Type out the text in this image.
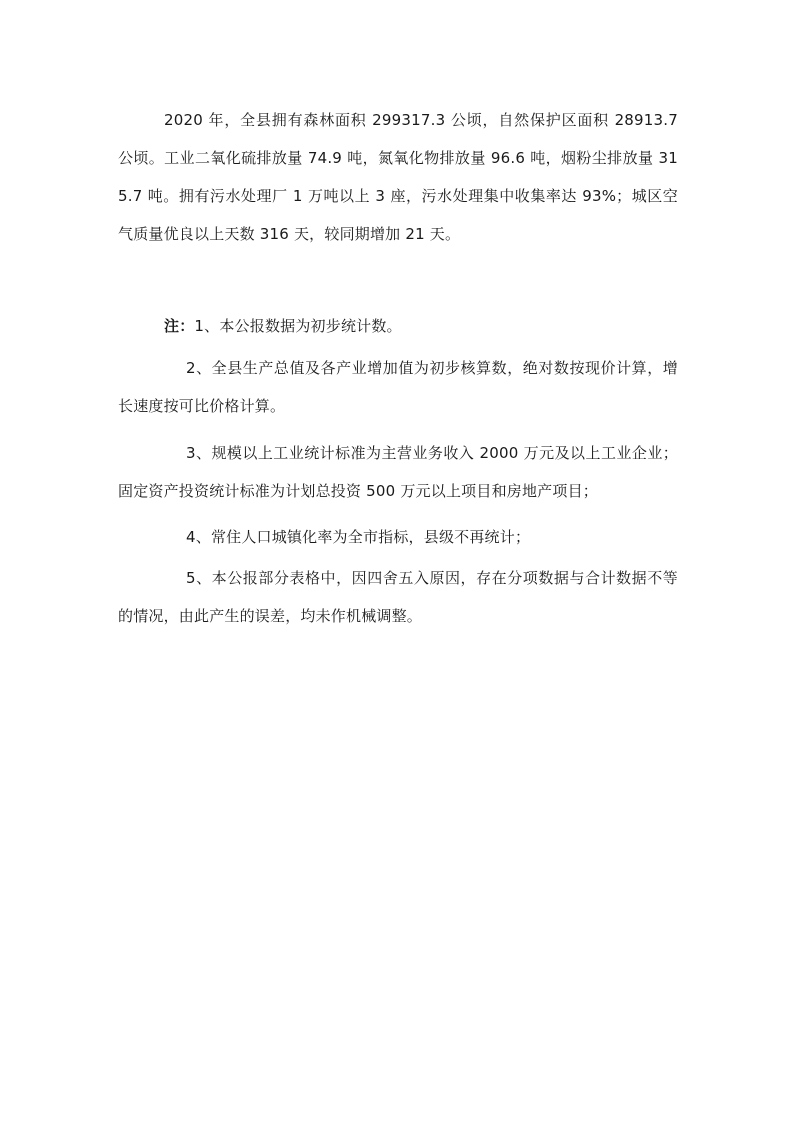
2020 年，全县拥有森林面积 299317.3 公顷，自然保护区面积 28913.7 公顷。工业二氧化硫排放量 74.9 吨，氮氧化物排放量 96.6 吨，烟粉尘排放量 315.7 吨。拥有污水处理厂 1 万吨以上 3 座，污水处理集中收集率达 93%；城区空气质量优良以上天数 316 天，较同期增加 21 天。

注：1、本公报数据为初步统计数。

2、全县生产总值及各产业增加值为初步核算数，绝对数按现价计算，增长速度按可比价格计算。

3、规模以上工业统计标准为主营业务收入 2000 万元及以上工业企业；固定资产投资统计标准为计划总投资 500 万元以上项目和房地产项目；

4、常住人口城镇化率为全市指标，县级不再统计；

5、本公报部分表格中，因四舍五入原因，存在分项数据与合计数据不等的情况，由此产生的误差，均未作机械调整。
